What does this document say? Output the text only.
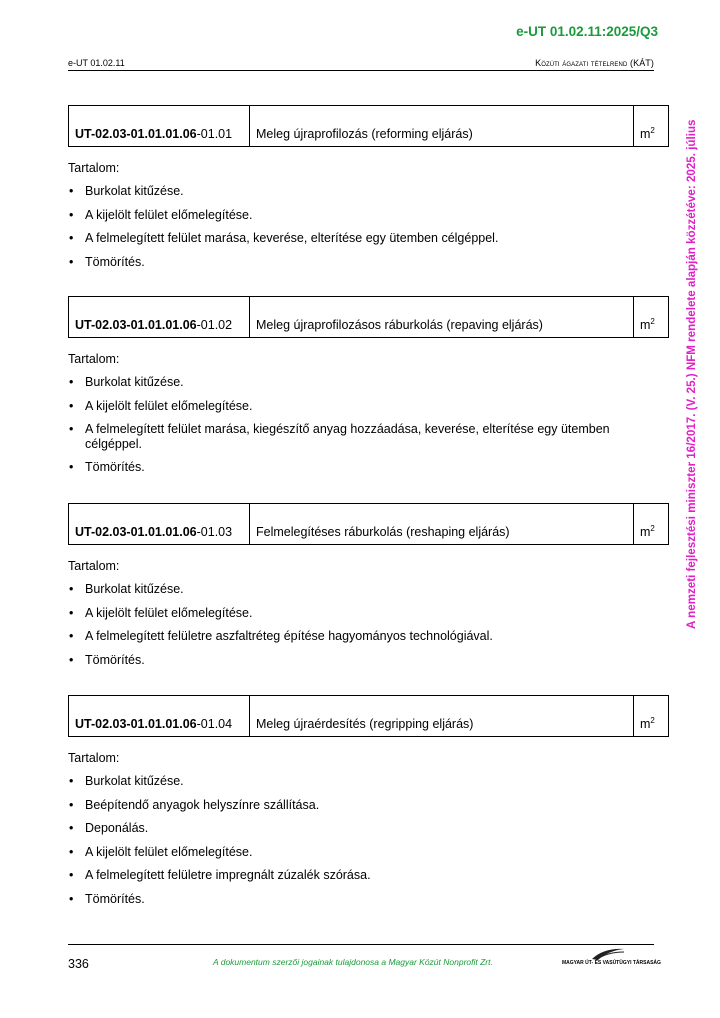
e-UT 01.02.11:2025/Q3
e-UT 01.02.11	Közúti ágazati tételrend (KÁT)
A nemzeti fejlesztési miniszter 16/2017. (V. 25.) NFM rendelete alapján közzétéve: 2025. július
UT-02.03-01.01.01.06-01.01	Meleg újraprofilozás (reforming eljárás)	$m^2$
Tartalom:
• Burkolat kitűzése.
• A kijelölt felület előmelegítése.
• A felmelegített felület marása, keverése, elterítése egy ütemben célgéppel.
• Tömörítés.
UT-02.03-01.01.01.06-01.02	Meleg újraprofilozásos ráburkolás (repaving eljárás)	$m^2$
Tartalom:
• Burkolat kitűzése.
• A kijelölt felület előmelegítése.
• A felmelegített felület marása, kiegészítő anyag hozzáadása, keverése, elterítése egy ütemben célgéppel.
• Tömörítés.
UT-02.03-01.01.01.06-01.03	Felmelegítéses ráburkolás (reshaping eljárás)	$m^2$
Tartalom:
• Burkolat kitűzése.
• A kijelölt felület előmelegítése.
• A felmelegített felületre aszfaltréteg építése hagyományos technológiával.
• Tömörítés.
UT-02.03-01.01.01.06-01.04	Meleg újraérdesítés (regripping eljárás)	$m^2$
Tartalom:
• Burkolat kitűzése.
• Beépítendő anyagok helyszínre szállítása.
• Deponálás.
• A kijelölt felület előmelegítése.
• A felmelegített felületre impregnált zúzalék szórása.
• Tömörítés.
336	A dokumentum szerzői jogainak tulajdonosa a Magyar Közút Nonprofit Zrt.	MAGYAR ÚT- ÉS VASÚTÜGYI TÁRSASÁG
